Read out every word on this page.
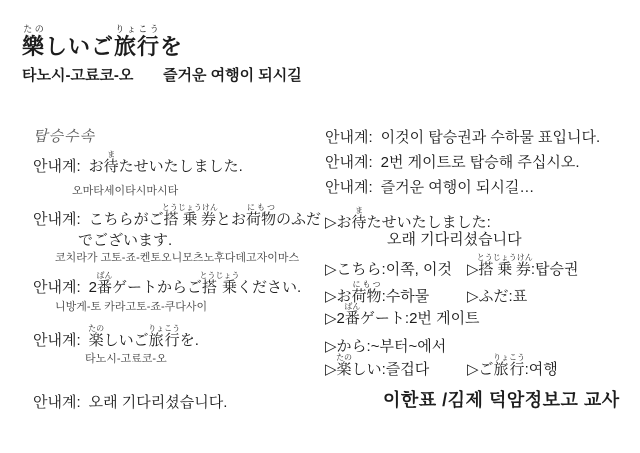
樂たのしいご旅行りょこうを
타노시-고료코-오 즐거운 여행이 되시길
탑승수속
안내계: お待またせいたしました.
오마타세이타시마시타
안내계: こちらがご搭乗券とうじょうけんとお荷物にもつのふだ
でございます.
코치라가 고토-죠-켄토오니모츠노후다데고자이마스
안내계: 2番ばんゲートからご搭乗とうじょうください.
니방게-토 카라고토-죠-쿠다사이
안내계: 楽たのしいご旅行りょこうを.
타노시-고료코-오
안내계: 오래 기다리셨습니다.
안내계: 이것이 탑승권과 수하물 표입니다.
안내계: 2번 게이트로 탑승해 주십시오.
안내계: 즐거운 여행이 되시길…
▷お待またせいたしました:
오래 기다리셨습니다
▷こちら:이쪽, 이것 ▷搭乗券とうじょうけん:탑승권
▷お荷物にもつ:수하물	▷ふだ:표
▷2番ばんゲート:2번 게이트
▷から:~부터~에서
▷楽たのしい:즐겁다	▷ご旅行りょこう:여행
이한표 /김제 덕암정보고 교사
